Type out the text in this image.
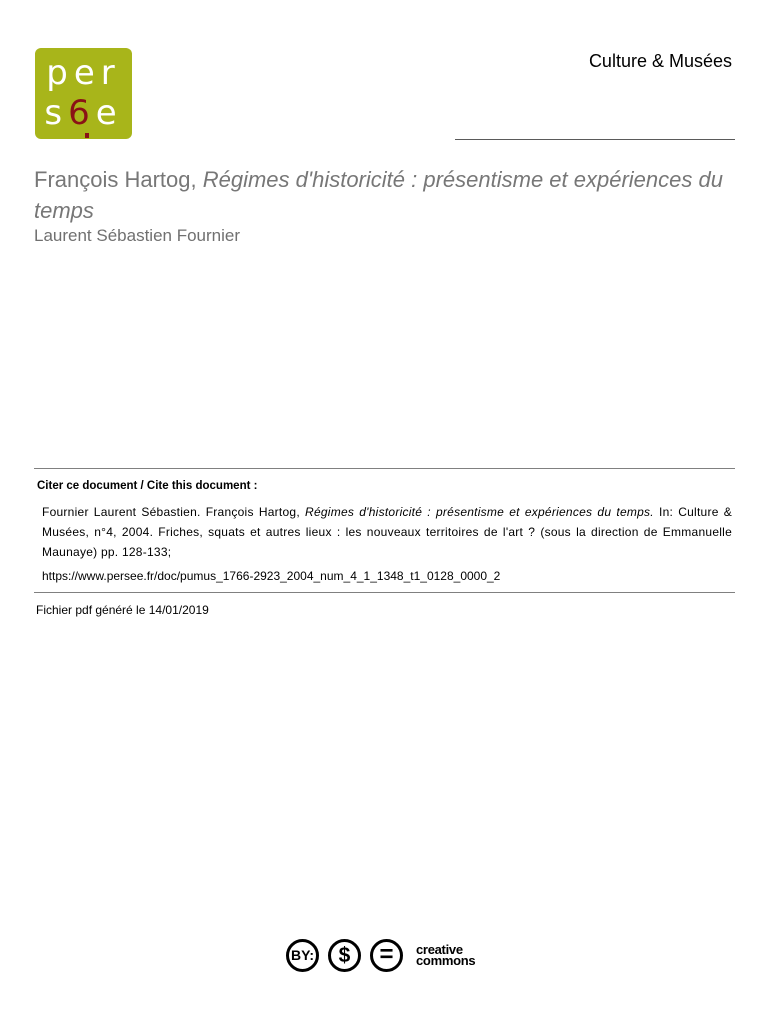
per
s6e
Culture & Musées
François Hartog, Régimes d'historicité : présentisme et expériences du temps
Laurent Sébastien Fournier
Citer ce document / Cite this document :
Fournier Laurent Sébastien. François Hartog, Régimes d'historicité : présentisme et expériences du temps. In: Culture & Musées, n°4, 2004. Friches, squats et autres lieux : les nouveaux territoires de l'art ? (sous la direction de Emmanuelle Maunaye) pp. 128-133;
https://www.persee.fr/doc/pumus_1766-2923_2004_num_4_1_1348_t1_0128_0000_2
Fichier pdf généré le 14/01/2019
BY:	$	=	creative
commons
